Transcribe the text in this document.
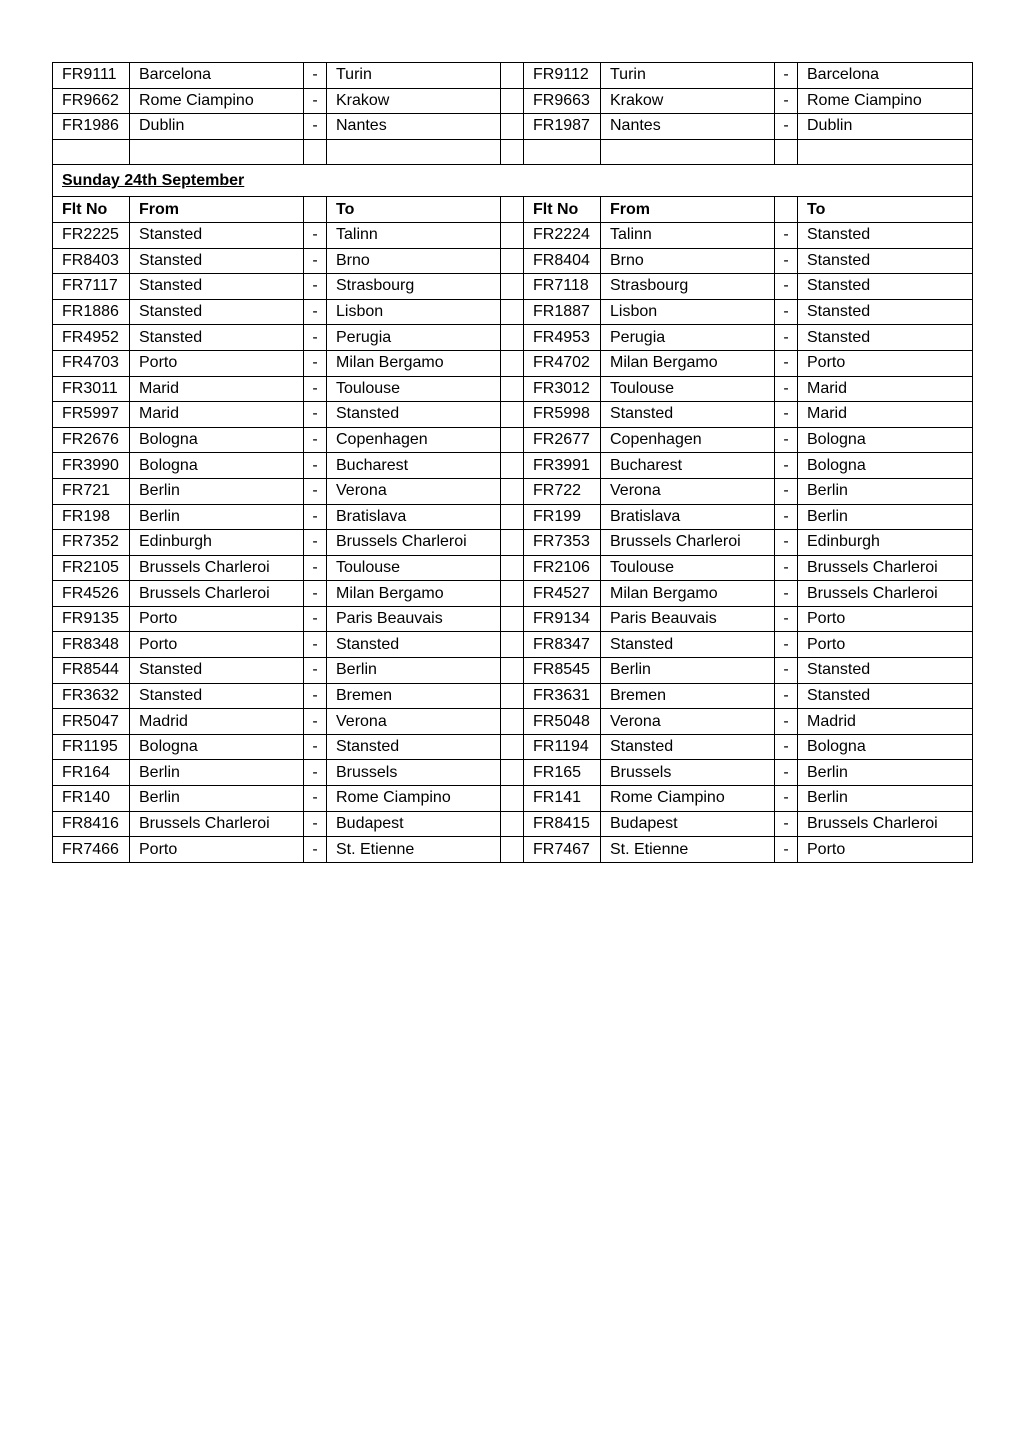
FR9111	Barcelona	-	Turin		FR9112	Turin	-	Barcelona
FR9662	Rome Ciampino	-	Krakow		FR9663	Krakow	-	Rome Ciampino
FR1986	Dublin	-	Nantes		FR1987	Nantes	-	Dublin

Sunday 24th September								
Flt No	From		To		Flt No	From		To
FR2225	Stansted	-	Talinn		FR2224	Talinn	-	Stansted
FR8403	Stansted	-	Brno		FR8404	Brno	-	Stansted
FR7117	Stansted	-	Strasbourg		FR7118	Strasbourg	-	Stansted
FR1886	Stansted	-	Lisbon		FR1887	Lisbon	-	Stansted
FR4952	Stansted	-	Perugia		FR4953	Perugia	-	Stansted
FR4703	Porto	-	Milan Bergamo		FR4702	Milan Bergamo	-	Porto
FR3011	Marid	-	Toulouse		FR3012	Toulouse	-	Marid
FR5997	Marid	-	Stansted		FR5998	Stansted	-	Marid
FR2676	Bologna	-	Copenhagen		FR2677	Copenhagen	-	Bologna
FR3990	Bologna	-	Bucharest		FR3991	Bucharest	-	Bologna
FR721	Berlin	-	Verona		FR722	Verona	-	Berlin
FR198	Berlin	-	Bratislava		FR199	Bratislava	-	Berlin
FR7352	Edinburgh	-	Brussels Charleroi		FR7353	Brussels Charleroi	-	Edinburgh
FR2105	Brussels Charleroi	-	Toulouse		FR2106	Toulouse	-	Brussels Charleroi
FR4526	Brussels Charleroi	-	Milan Bergamo		FR4527	Milan Bergamo	-	Brussels Charleroi
FR9135	Porto	-	Paris Beauvais		FR9134	Paris Beauvais	-	Porto
FR8348	Porto	-	Stansted		FR8347	Stansted	-	Porto
FR8544	Stansted	-	Berlin		FR8545	Berlin	-	Stansted
FR3632	Stansted	-	Bremen		FR3631	Bremen	-	Stansted
FR5047	Madrid	-	Verona		FR5048	Verona	-	Madrid
FR1195	Bologna	-	Stansted		FR1194	Stansted	-	Bologna
FR164	Berlin	-	Brussels		FR165	Brussels	-	Berlin
FR140	Berlin	-	Rome Ciampino		FR141	Rome Ciampino	-	Berlin
FR8416	Brussels Charleroi	-	Budapest		FR8415	Budapest	-	Brussels Charleroi
FR7466	Porto	-	St. Etienne		FR7467	St. Etienne	-	Porto
